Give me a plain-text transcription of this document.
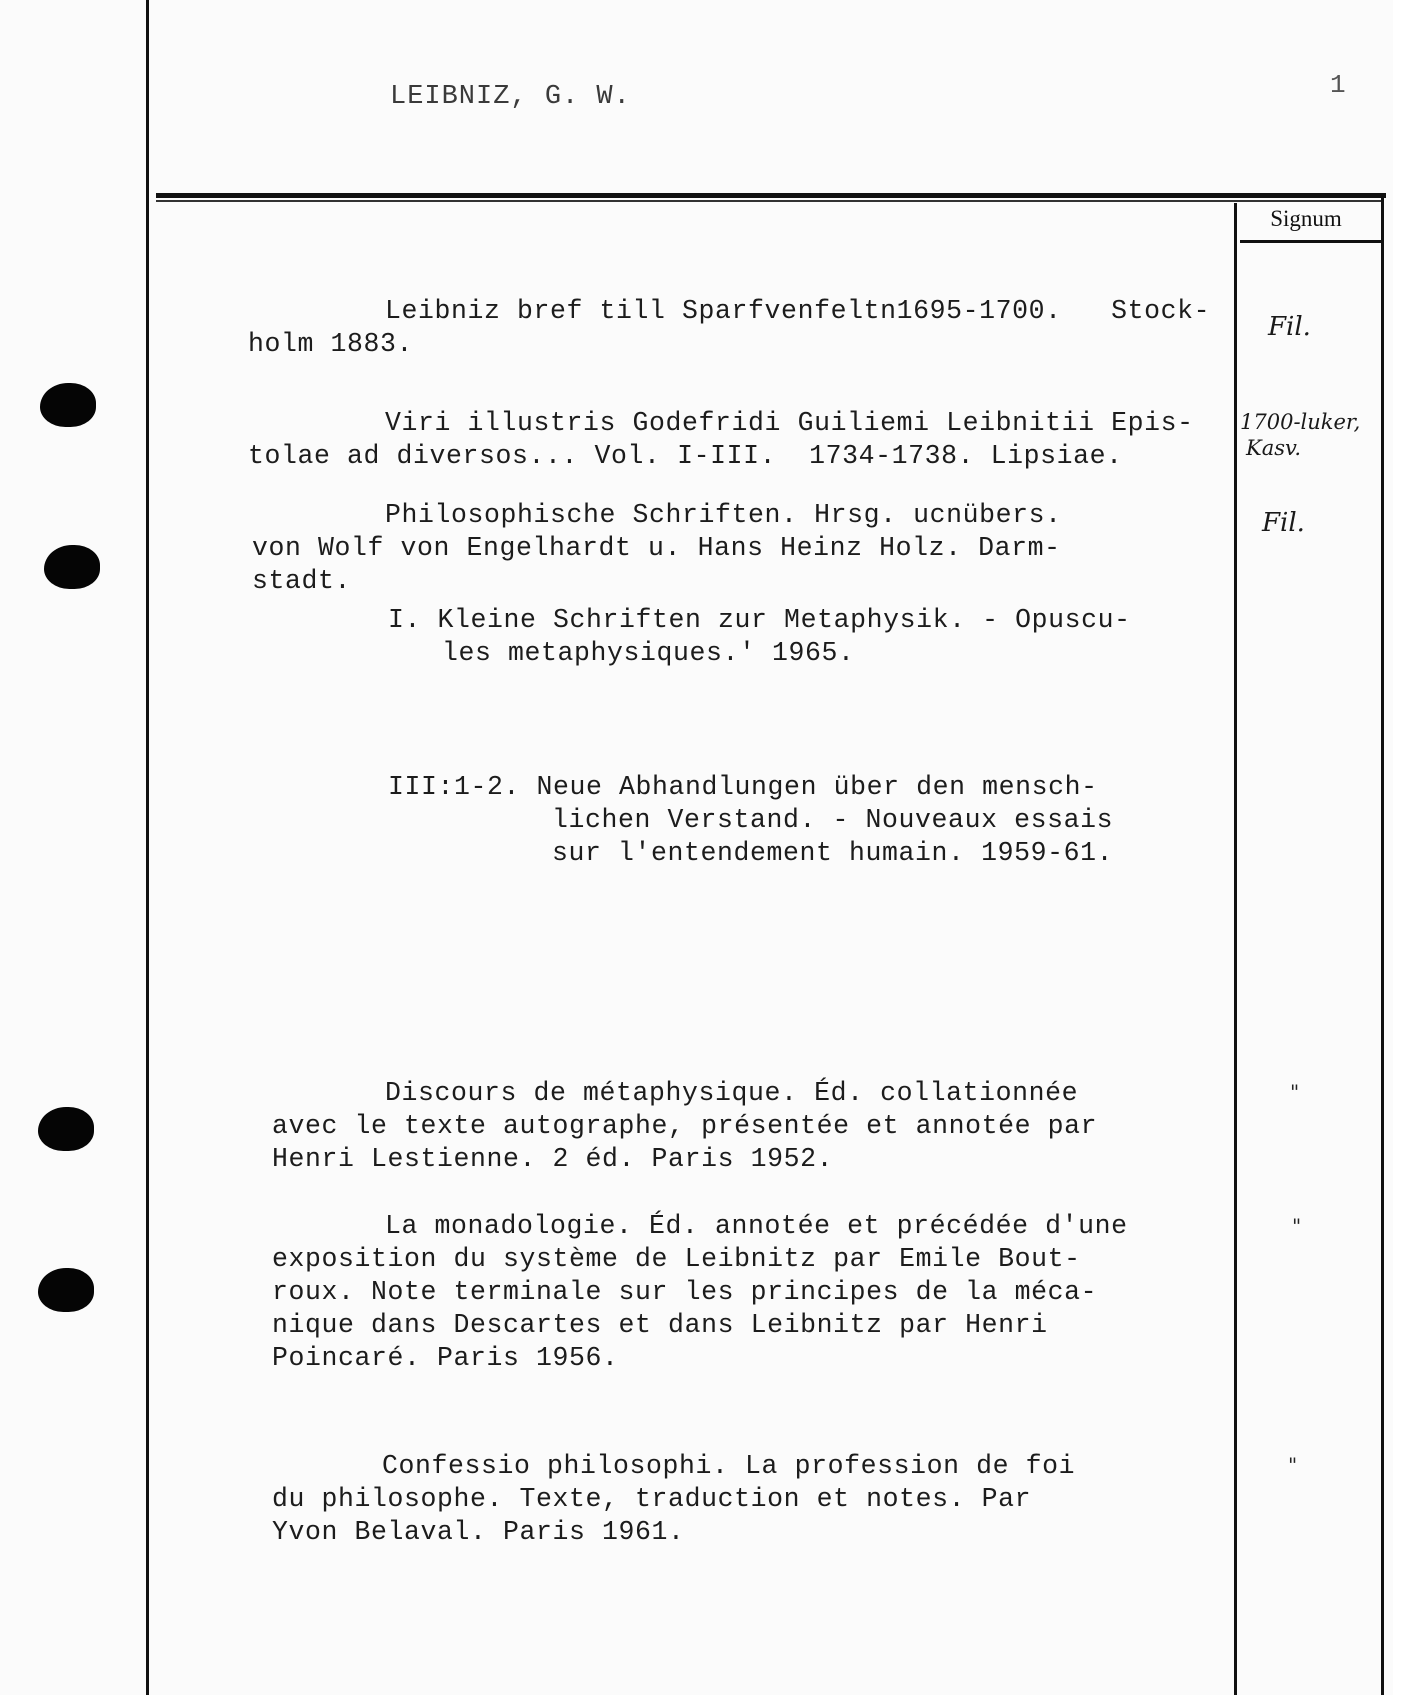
LEIBNIZ, G. W.	1
Signum
Leibniz bref till Sparfvenfeltn1695-1700.   Stock-
holm 1883.
Fil.
Viri illustris Godefridi Guiliemi Leibnitii Epis-
tolae ad diversos... Vol. I-III.  1734-1738. Lipsiae.
1700-luker,
Kasv.
Philosophische Schriften. Hrsg. ucnübers.
von Wolf von Engelhardt u. Hans Heinz Holz. Darm-
stadt.
Fil.
I. Kleine Schriften zur Metaphysik. - Opuscu-
les metaphysiques.' 1965.
III:1-2. Neue Abhandlungen über den mensch-
lichen Verstand. - Nouveaux essais
sur l'entendement humain. 1959-61.
Discours de métaphysique. Éd. collationnée
avec le texte autographe, présentée et annotée par
Henri Lestienne. 2 éd. Paris 1952.
"
La monadologie. Éd. annotée et précédée d'une
exposition du système de Leibnitz par Emile Bout-
roux. Note terminale sur les principes de la méca-
nique dans Descartes et dans Leibnitz par Henri
Poincaré. Paris 1956.
"
Confessio philosophi. La profession de foi
du philosophe. Texte, traduction et notes. Par
Yvon Belaval. Paris 1961.
"
